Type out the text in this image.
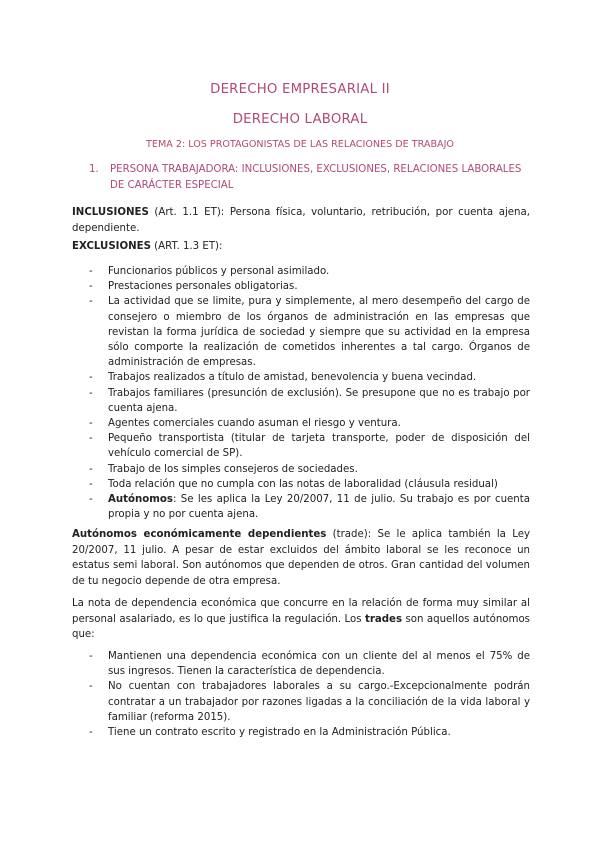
DERECHO EMPRESARIAL II
DERECHO LABORAL
TEMA 2: LOS PROTAGONISTAS DE LAS RELACIONES DE TRABAJO
1. PERSONA TRABAJADORA: INCLUSIONES, EXCLUSIONES, RELACIONES LABORALES DE CARÁCTER ESPECIAL
INCLUSIONES (Art. 1.1 ET): Persona física, voluntario, retribución, por cuenta ajena, dependiente.
EXCLUSIONES (ART. 1.3 ET):
- Funcionarios públicos y personal asimilado.
- Prestaciones personales obligatorias.
- La actividad que se limite, pura y simplemente, al mero desempeño del cargo de consejero o miembro de los órganos de administración en las empresas que revistan la forma jurídica de sociedad y siempre que su actividad en la empresa sólo comporte la realización de cometidos inherentes a tal cargo. Órganos de administración de empresas.
- Trabajos realizados a título de amistad, benevolencia y buena vecindad.
- Trabajos familiares (presunción de exclusión). Se presupone que no es trabajo por cuenta ajena.
- Agentes comerciales cuando asuman el riesgo y ventura.
- Pequeño transportista (titular de tarjeta transporte, poder de disposición del vehículo comercial de SP).
- Trabajo de los simples consejeros de sociedades.
- Toda relación que no cumpla con las notas de laboralidad (cláusula residual)
- Autónomos: Se les aplica la Ley 20/2007, 11 de julio. Su trabajo es por cuenta propia y no por cuenta ajena.
Autónomos económicamente dependientes (trade): Se le aplica también la Ley 20/2007, 11 julio. A pesar de estar excluidos del ámbito laboral se les reconoce un estatus semi laboral. Son autónomos que dependen de otros. Gran cantidad del volumen de tu negocio depende de otra empresa.
La nota de dependencia económica que concurre en la relación de forma muy similar al personal asalariado, es lo que justifica la regulación. Los trades son aquellos autónomos que:
- Mantienen una dependencia económica con un cliente del al menos el 75% de sus ingresos. Tienen la característica de dependencia.
- No cuentan con trabajadores laborales a su cargo.-Excepcionalmente podrán contratar a un trabajador por razones ligadas a la conciliación de la vida laboral y familiar (reforma 2015).
- Tiene un contrato escrito y registrado en la Administración Pública.
